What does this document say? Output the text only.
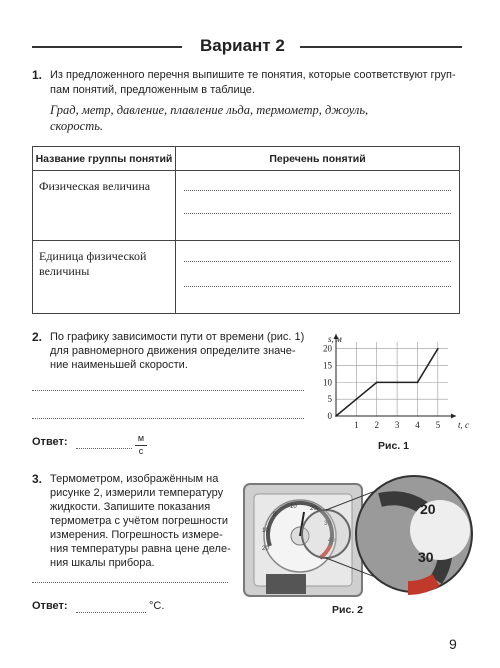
Вариант 2
1. Из предложенного перечня выпишите те понятия, которые соответствуют груп-
пам понятий, предложенным в таблице.
Град, метр, давление, плавление льда, термометр, джоуль,
скорость.
Название группы понятий	Перечень понятий
Физическая величина	

Единица физической
величины	
2. По графику зависимости пути от времени (рис. 1)
для равномерного движения определите значе-
ние наименьшей скорости.
Ответ:	м
с
1 2 3 4 5
0
5
10
15
20
s, м
t, с
Рис. 1
3. Термометром, изображённым на
рисунке 2, измерили температуру
жидкости. Запишите показания
термометра с учётом погрешности
измерения. Погрешность измере-
ния температуры равна цене деле-
ния шкалы прибора.
Ответ:	°С.
20
10
0
10 20	20
30
Рис. 2
9
